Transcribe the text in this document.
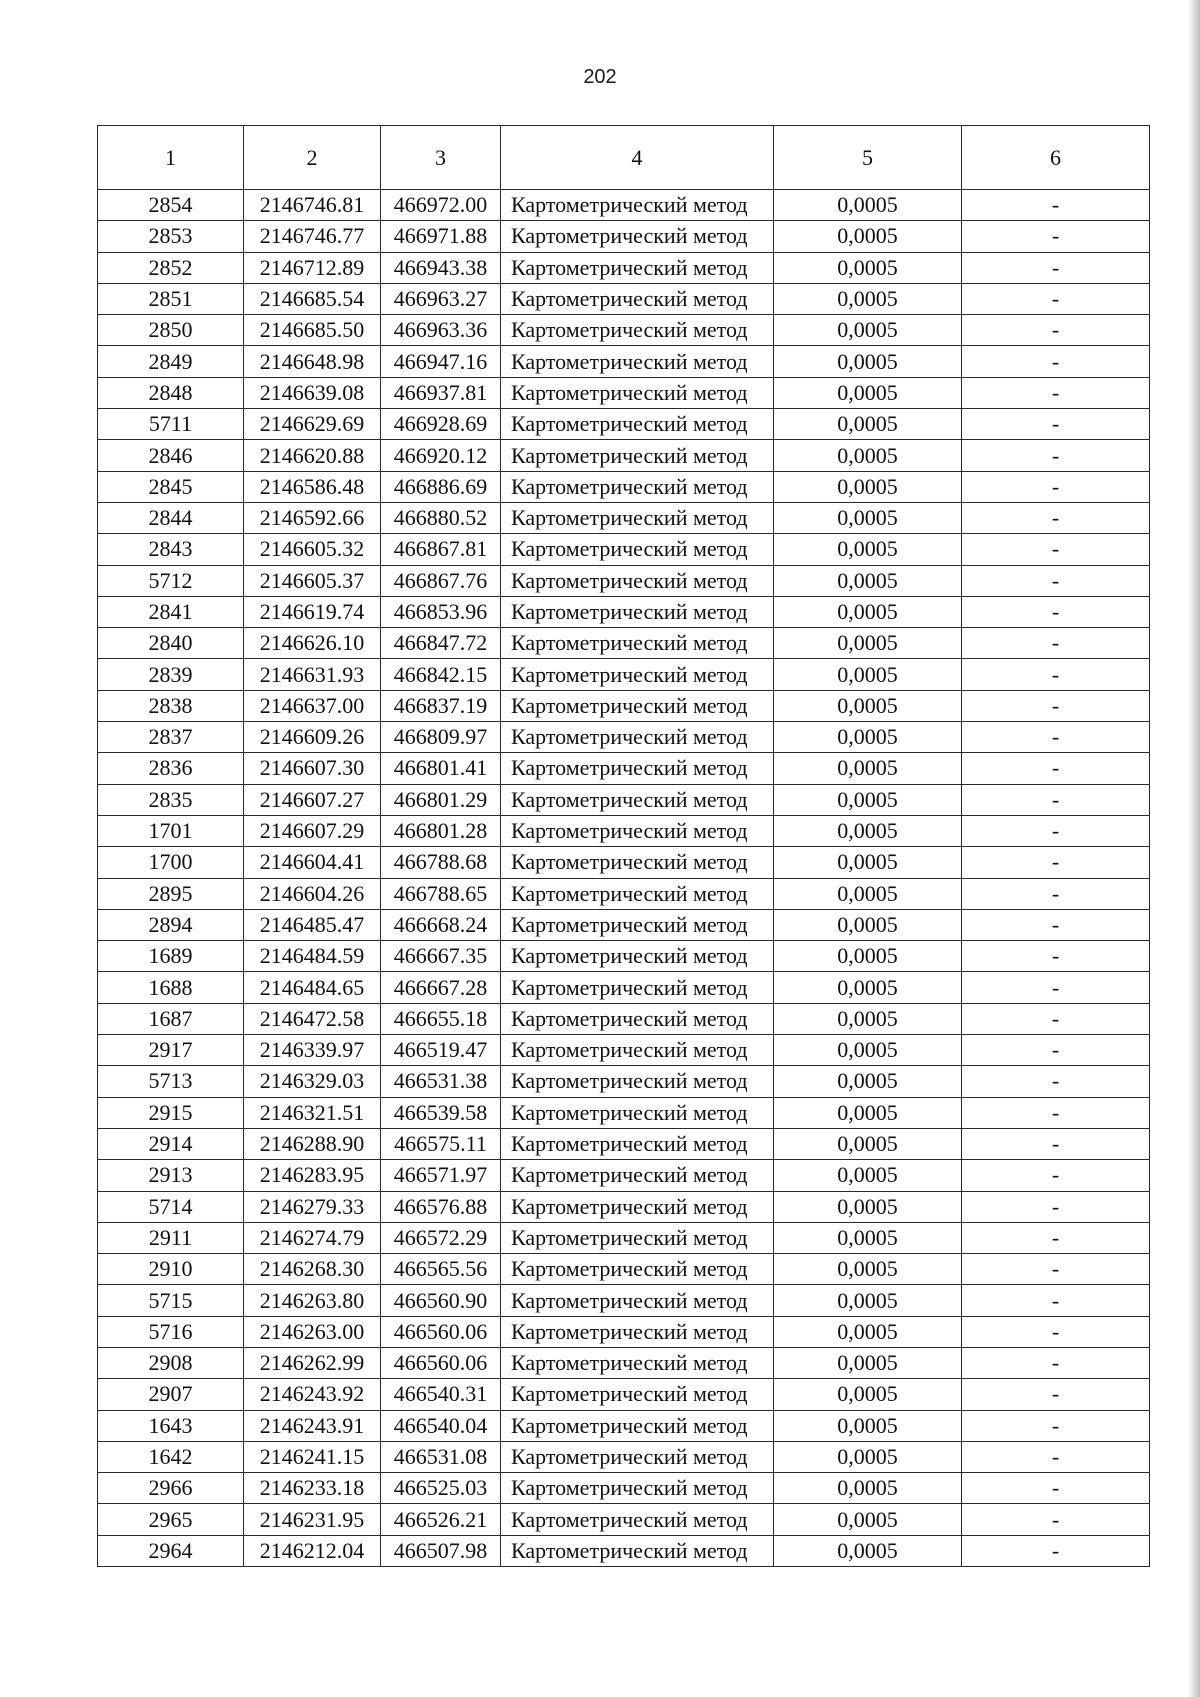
202
1	2	3	4	5	6
2854	2146746.81	466972.00	Картометрический метод	0,0005	-
2853	2146746.77	466971.88	Картометрический метод	0,0005	-
2852	2146712.89	466943.38	Картометрический метод	0,0005	-
2851	2146685.54	466963.27	Картометрический метод	0,0005	-
2850	2146685.50	466963.36	Картометрический метод	0,0005	-
2849	2146648.98	466947.16	Картометрический метод	0,0005	-
2848	2146639.08	466937.81	Картометрический метод	0,0005	-
5711	2146629.69	466928.69	Картометрический метод	0,0005	-
2846	2146620.88	466920.12	Картометрический метод	0,0005	-
2845	2146586.48	466886.69	Картометрический метод	0,0005	-
2844	2146592.66	466880.52	Картометрический метод	0,0005	-
2843	2146605.32	466867.81	Картометрический метод	0,0005	-
5712	2146605.37	466867.76	Картометрический метод	0,0005	-
2841	2146619.74	466853.96	Картометрический метод	0,0005	-
2840	2146626.10	466847.72	Картометрический метод	0,0005	-
2839	2146631.93	466842.15	Картометрический метод	0,0005	-
2838	2146637.00	466837.19	Картометрический метод	0,0005	-
2837	2146609.26	466809.97	Картометрический метод	0,0005	-
2836	2146607.30	466801.41	Картометрический метод	0,0005	-
2835	2146607.27	466801.29	Картометрический метод	0,0005	-
1701	2146607.29	466801.28	Картометрический метод	0,0005	-
1700	2146604.41	466788.68	Картометрический метод	0,0005	-
2895	2146604.26	466788.65	Картометрический метод	0,0005	-
2894	2146485.47	466668.24	Картометрический метод	0,0005	-
1689	2146484.59	466667.35	Картометрический метод	0,0005	-
1688	2146484.65	466667.28	Картометрический метод	0,0005	-
1687	2146472.58	466655.18	Картометрический метод	0,0005	-
2917	2146339.97	466519.47	Картометрический метод	0,0005	-
5713	2146329.03	466531.38	Картометрический метод	0,0005	-
2915	2146321.51	466539.58	Картометрический метод	0,0005	-
2914	2146288.90	466575.11	Картометрический метод	0,0005	-
2913	2146283.95	466571.97	Картометрический метод	0,0005	-
5714	2146279.33	466576.88	Картометрический метод	0,0005	-
2911	2146274.79	466572.29	Картометрический метод	0,0005	-
2910	2146268.30	466565.56	Картометрический метод	0,0005	-
5715	2146263.80	466560.90	Картометрический метод	0,0005	-
5716	2146263.00	466560.06	Картометрический метод	0,0005	-
2908	2146262.99	466560.06	Картометрический метод	0,0005	-
2907	2146243.92	466540.31	Картометрический метод	0,0005	-
1643	2146243.91	466540.04	Картометрический метод	0,0005	-
1642	2146241.15	466531.08	Картометрический метод	0,0005	-
2966	2146233.18	466525.03	Картометрический метод	0,0005	-
2965	2146231.95	466526.21	Картометрический метод	0,0005	-
2964	2146212.04	466507.98	Картометрический метод	0,0005	-
